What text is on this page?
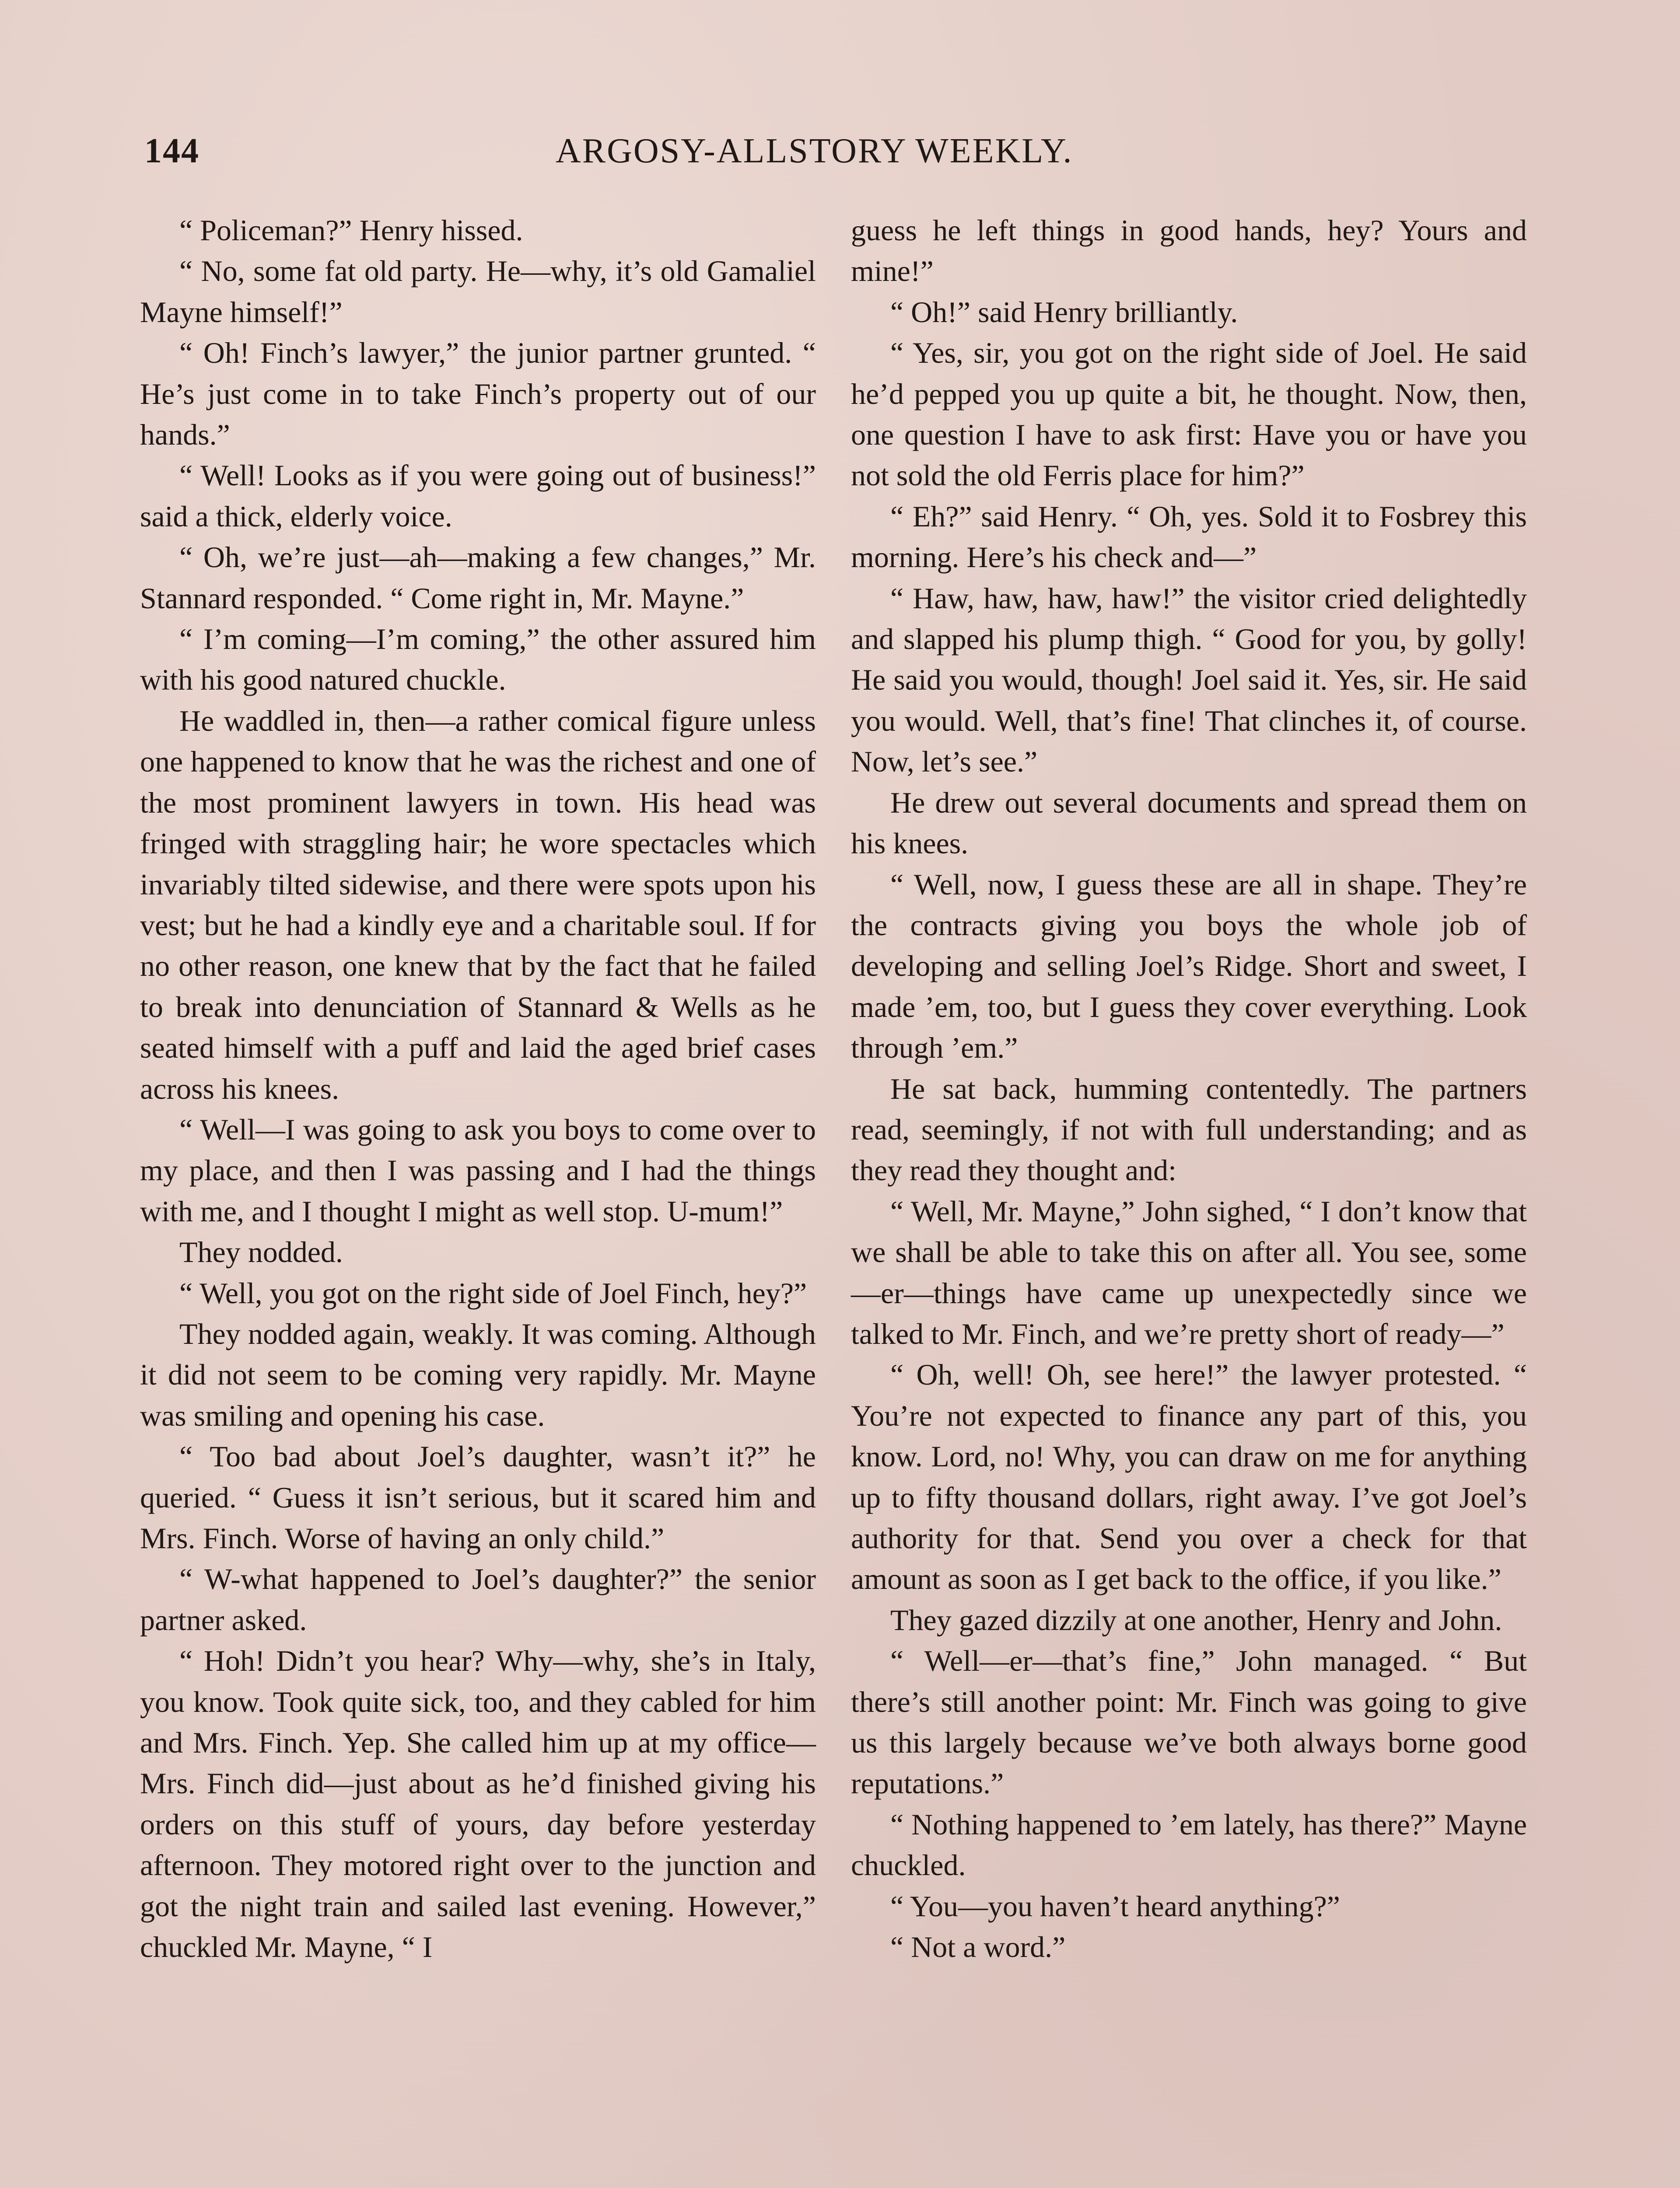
144	ARGOSY-ALLSTORY WEEKLY.

“ Policeman?” Henry hissed.

“ No, some fat old party. He—why, it’s old Gamaliel Mayne himself!”

“ Oh! Finch’s lawyer,” the junior partner grunted. “ He’s just come in to take Finch’s property out of our hands.”

“ Well! Looks as if you were going out of business!” said a thick, elderly voice.

“ Oh, we’re just—ah—making a few changes,” Mr. Stannard responded. “ Come right in, Mr. Mayne.”

“ I’m coming—I’m coming,” the other assured him with his good natured chuckle.

He waddled in, then—a rather comical figure unless one happened to know that he was the richest and one of the most prominent lawyers in town. His head was fringed with straggling hair; he wore spectacles which invariably tilted sidewise, and there were spots upon his vest; but he had a kindly eye and a charitable soul. If for no other reason, one knew that by the fact that he failed to break into denunciation of Stannard & Wells as he seated himself with a puff and laid the aged brief cases across his knees.

“ Well—I was going to ask you boys to come over to my place, and then I was passing and I had the things with me, and I thought I might as well stop. U-mum!”

They nodded.

“ Well, you got on the right side of Joel Finch, hey?”

They nodded again, weakly. It was coming. Although it did not seem to be coming very rapidly. Mr. Mayne was smiling and opening his case.

“ Too bad about Joel’s daughter, wasn’t it?” he queried. “ Guess it isn’t serious, but it scared him and Mrs. Finch. Worse of having an only child.”

“ W-what happened to Joel’s daughter?” the senior partner asked.

“ Hoh! Didn’t you hear? Why—why, she’s in Italy, you know. Took quite sick, too, and they cabled for him and Mrs. Finch. Yep. She called him up at my office—Mrs. Finch did—just about as he’d finished giving his orders on this stuff of yours, day before yesterday afternoon. They motored right over to the junction and got the night train and sailed last evening. However,” chuckled Mr. Mayne, “ I

guess he left things in good hands, hey? Yours and mine!”

“ Oh!” said Henry brilliantly.

“ Yes, sir, you got on the right side of Joel. He said he’d pepped you up quite a bit, he thought. Now, then, one question I have to ask first: Have you or have you not sold the old Ferris place for him?”

“ Eh?” said Henry. “ Oh, yes. Sold it to Fosbrey this morning. Here’s his check and—”

“ Haw, haw, haw, haw!” the visitor cried delightedly and slapped his plump thigh. “ Good for you, by golly! He said you would, though! Joel said it. Yes, sir. He said you would. Well, that’s fine! That clinches it, of course. Now, let’s see.”

He drew out several documents and spread them on his knees.

“ Well, now, I guess these are all in shape. They’re the contracts giving you boys the whole job of developing and selling Joel’s Ridge. Short and sweet, I made ’em, too, but I guess they cover everything. Look through ’em.”

He sat back, humming contentedly. The partners read, seemingly, if not with full understanding; and as they read they thought and:

“ Well, Mr. Mayne,” John sighed, “ I don’t know that we shall be able to take this on after all. You see, some—er—things have came up unexpectedly since we talked to Mr. Finch, and we’re pretty short of ready—”

“ Oh, well! Oh, see here!” the lawyer protested. “ You’re not expected to finance any part of this, you know. Lord, no! Why, you can draw on me for anything up to fifty thousand dollars, right away. I’ve got Joel’s authority for that. Send you over a check for that amount as soon as I get back to the office, if you like.”

They gazed dizzily at one another, Henry and John.

“ Well—er—that’s fine,” John managed. “ But there’s still another point: Mr. Finch was going to give us this largely because we’ve both always borne good reputations.”

“ Nothing happened to ’em lately, has there?” Mayne chuckled.

“ You—you haven’t heard anything?”

“ Not a word.”
